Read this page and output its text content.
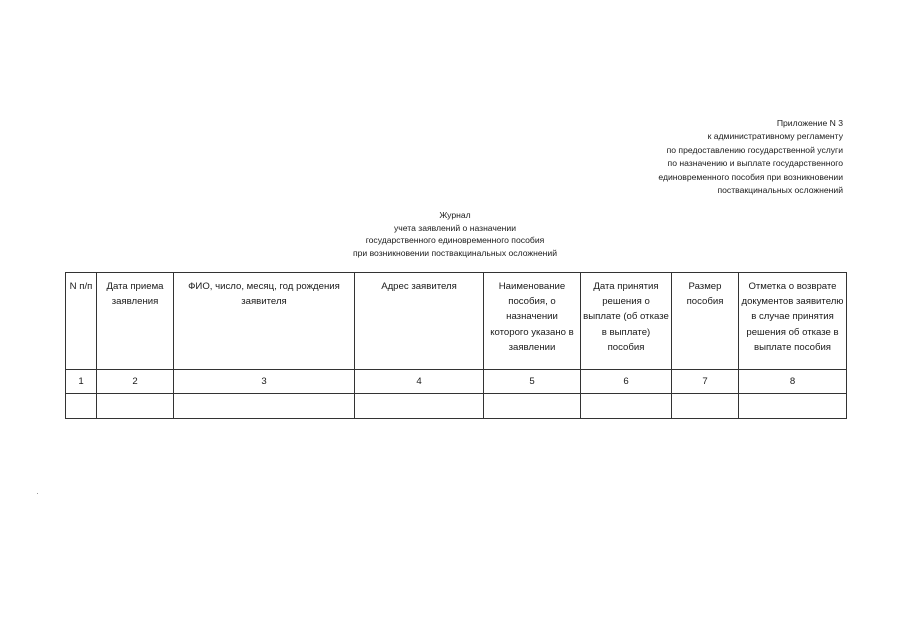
Приложение N 3
к административному регламенту
по предоставлению государственной услуги
по назначению и выплате государственного
единовременного пособия при возникновении
поствакцинальных осложнений
Журнал
учета заявлений о назначении
государственного единовременного пособия
при возникновении поствакцинальных осложнений
N п/п	Дата приема заявления	ФИО, число, месяц, год рождения заявителя	Адрес заявителя	Наименование пособия, о назначении которого указано в заявлении	Дата принятия решения о выплате (об отказе в выплате) пособия	Размер пособия	Отметка о возврате документов заявителю в случае принятия решения об отказе в выплате пособия
1	2	3	4	5	6	7	8
